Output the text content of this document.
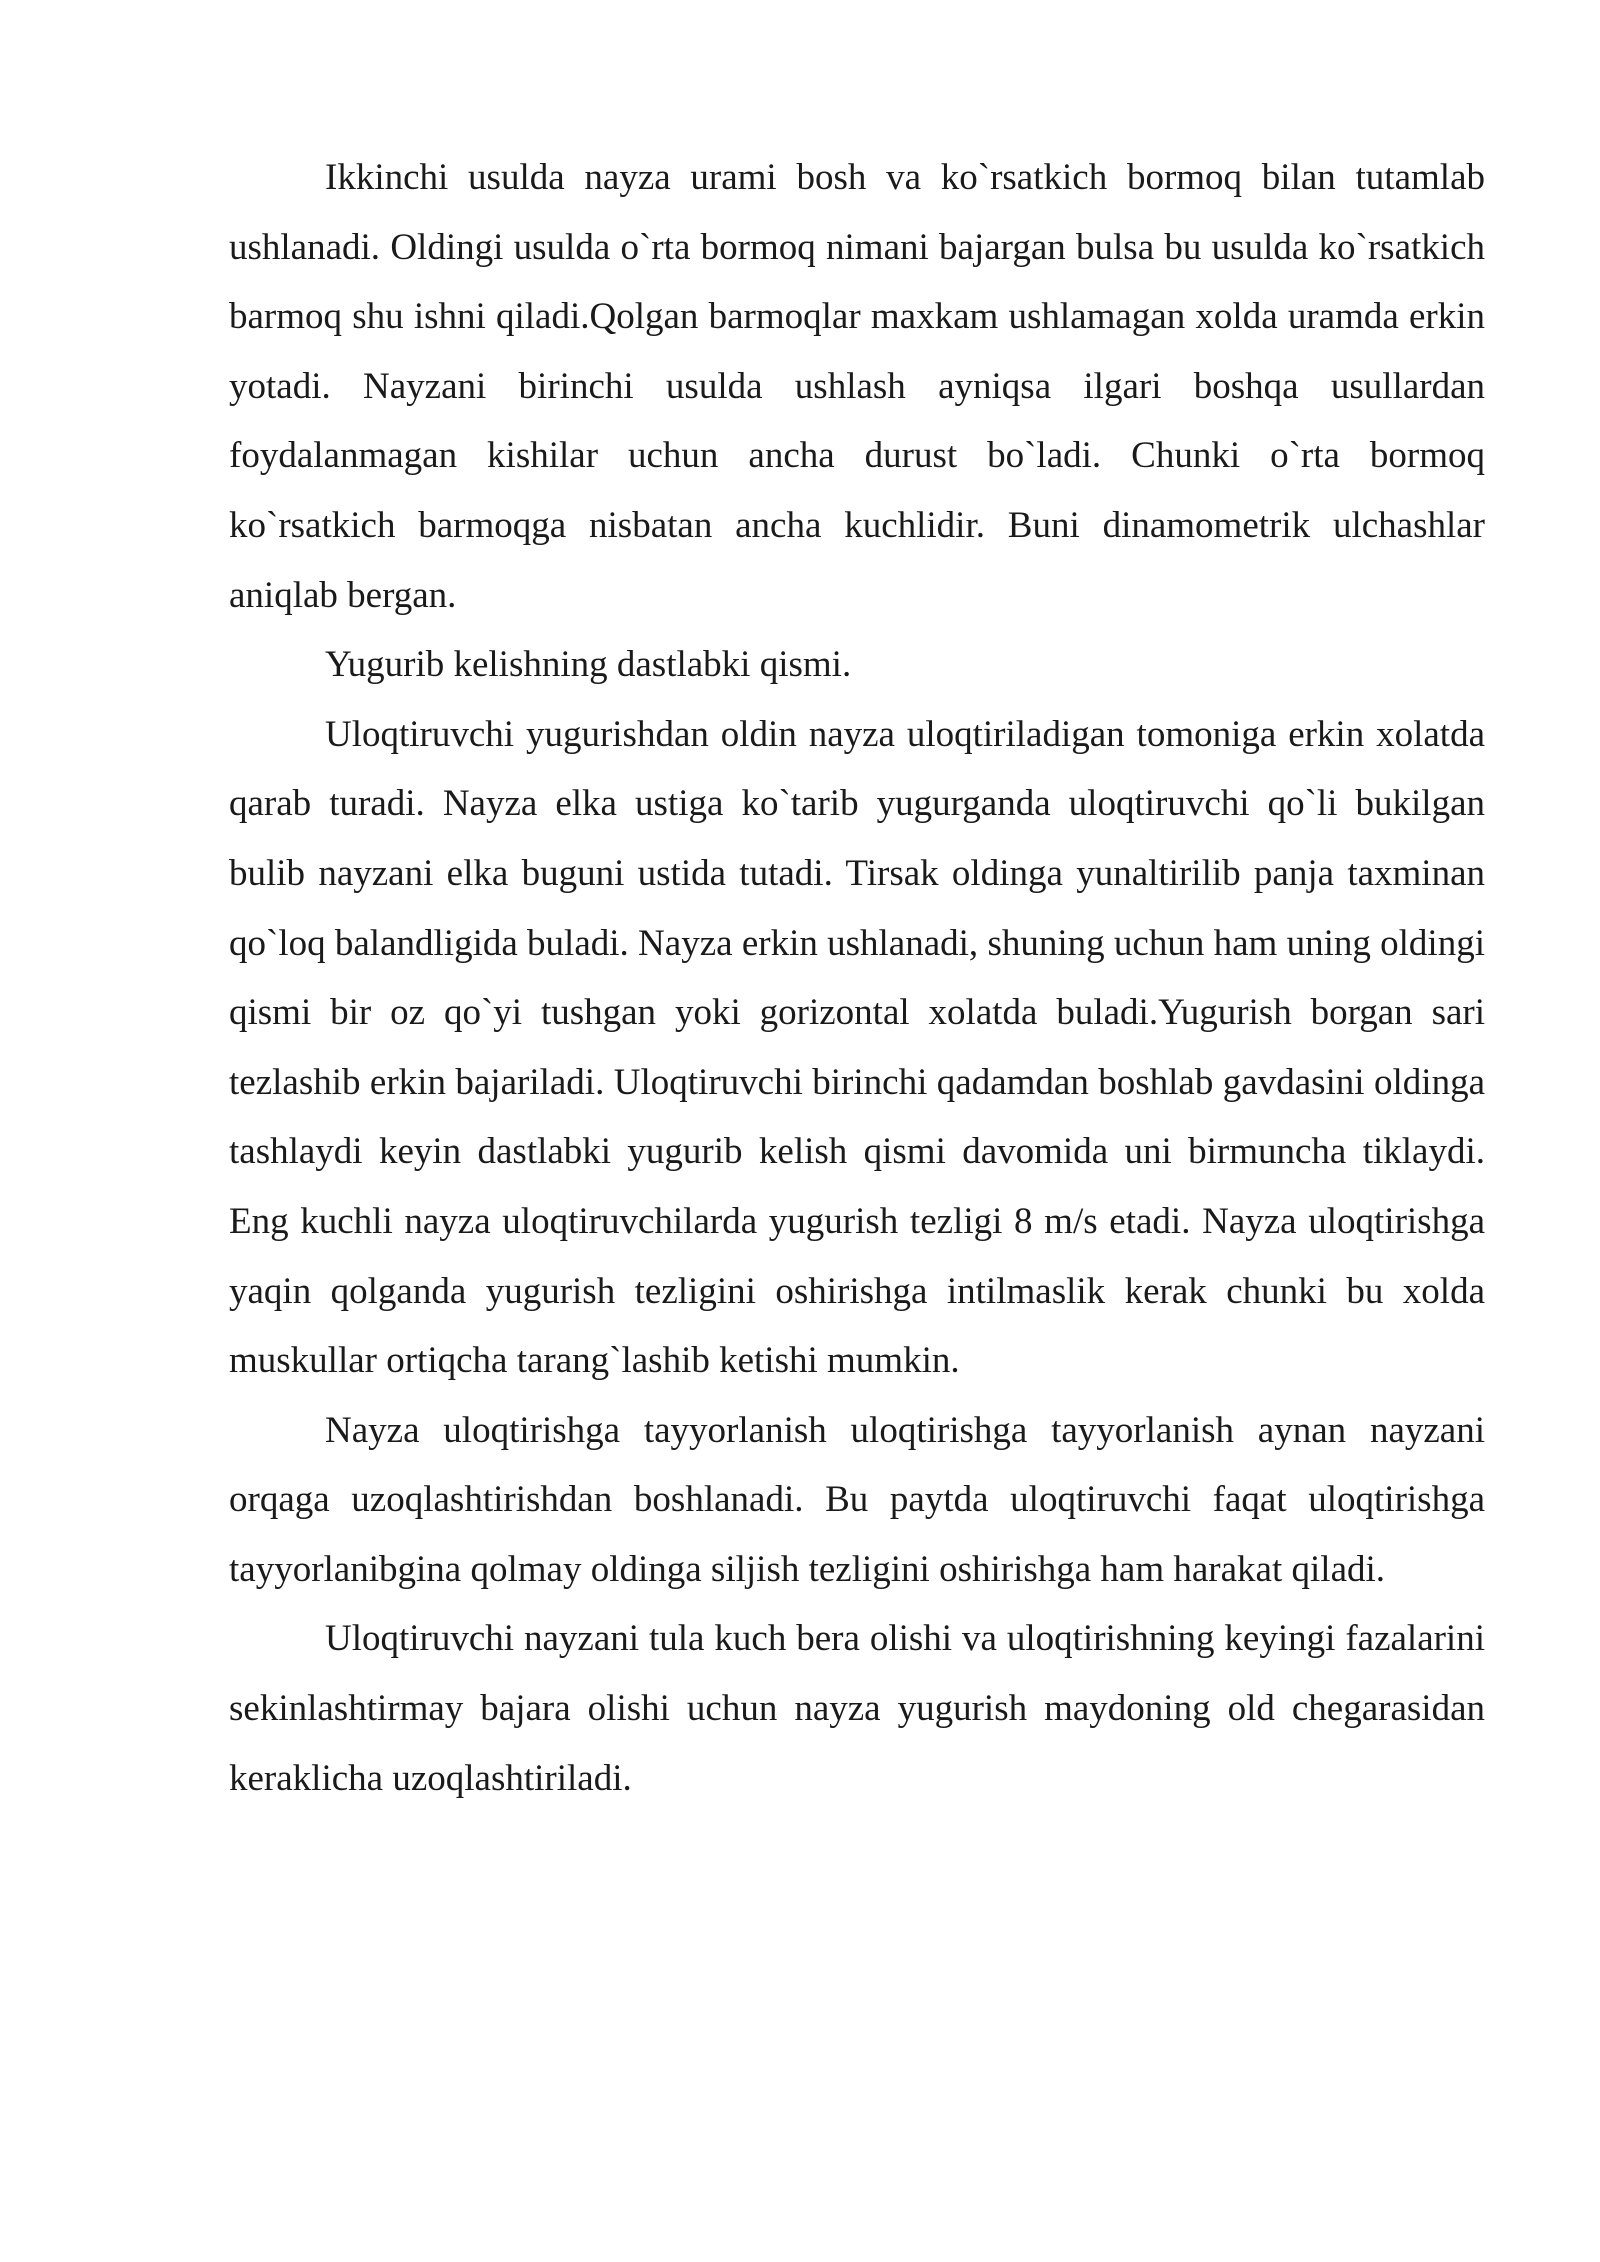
Ikkinchi usulda nayza urami bosh va ko`rsatkich bormoq bilan tutamlab ushlanadi. Oldingi usulda o`rta bormoq nimani bajargan bulsa bu usulda ko`rsatkich barmoq shu ishni qiladi.Qolgan barmoqlar maxkam ushlamagan xolda uramda erkin yotadi. Nayzani birinchi usulda ushlash ayniqsa ilgari boshqa usullardan foydalanmagan kishilar uchun ancha durust bo`ladi. Chunki o`rta bormoq ko`rsatkich barmoqga nisbatan ancha kuchlidir. Buni dinamometrik ulchashlar aniqlab bergan.

Yugurib kelishning dastlabki qismi.

Uloqtiruvchi yugurishdan oldin nayza uloqtiriladigan tomoniga erkin xolatda qarab turadi. Nayza elka ustiga ko`tarib yugurganda uloqtiruvchi qo`li bukilgan bulib nayzani elka buguni ustida tutadi. Tirsak oldinga yunaltirilib panja taxminan qo`loq balandligida buladi. Nayza erkin ushlanadi, shuning uchun ham uning oldingi qismi bir oz qo`yi tushgan yoki gorizontal xolatda buladi.Yugurish borgan sari tezlashib erkin bajariladi. Uloqtiruvchi birinchi qadamdan boshlab gavdasini oldinga tashlaydi keyin dastlabki yugurib kelish qismi davomida uni birmuncha tiklaydi. Eng kuchli nayza uloqtiruvchilarda yugurish tezligi 8 m/s etadi. Nayza uloqtirishga yaqin qolganda yugurish tezligini oshirishga intilmaslik kerak chunki bu xolda muskullar ortiqcha tarang`lashib ketishi mumkin.

Nayza uloqtirishga tayyorlanish uloqtirishga tayyorlanish aynan nayzani orqaga uzoqlashtirishdan boshlanadi. Bu paytda uloqtiruvchi faqat uloqtirishga tayyorlanibgina qolmay oldinga siljish tezligini oshirishga ham harakat qiladi.

Uloqtiruvchi nayzani tula kuch bera olishi va uloqtirishning keyingi fazalarini sekinlashtirmay bajara olishi uchun nayza yugurish maydoning old chegarasidan keraklicha uzoqlashtiriladi.
